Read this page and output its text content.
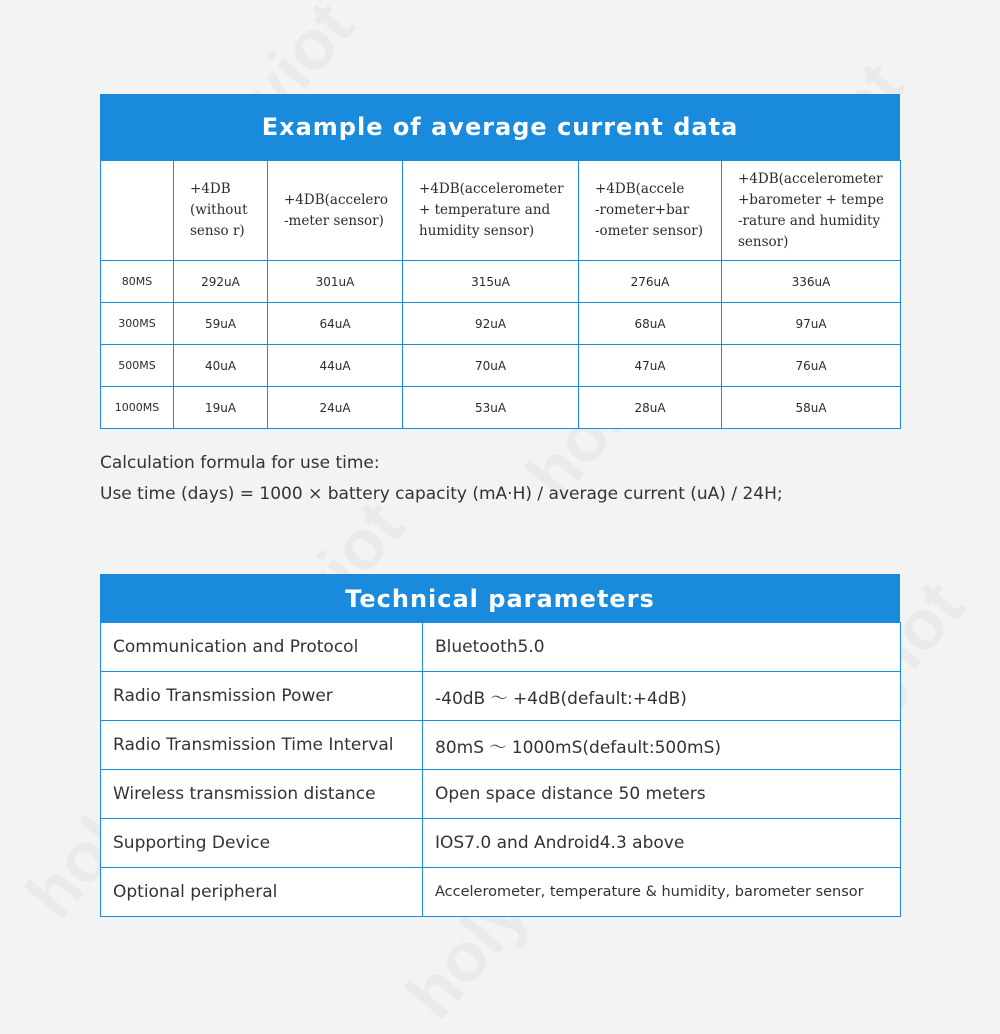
Example of average current data
	+4DB
(without
senso r)	+4DB(accelero
-meter sensor)	+4DB(accelerometer
+ temperature and
humidity sensor)	+4DB(accele
-rometer+bar
-ometer sensor)	+4DB(accelerometer
+barometer + tempe
-rature and humidity
sensor)
80MS	292uA	301uA	315uA	276uA	336uA
300MS	59uA	64uA	92uA	68uA	97uA
500MS	40uA	44uA	70uA	47uA	76uA
1000MS	19uA	24uA	53uA	28uA	58uA
Calculation formula for use time:
Use time (days) = 1000 × battery capacity (mA·H) / average current (uA) / 24H;
Technical parameters
Communication and Protocol	Bluetooth5.0
Radio Transmission Power	-40dB ～ +4dB(default:+4dB)
Radio Transmission Time Interval	80mS ～ 1000mS(default:500mS)
Wireless transmission distance	Open space distance 50 meters
Supporting Device	IOS7.0 and Android4.3 above
Optional peripheral	Accelerometer, temperature & humidity, barometer sensor
